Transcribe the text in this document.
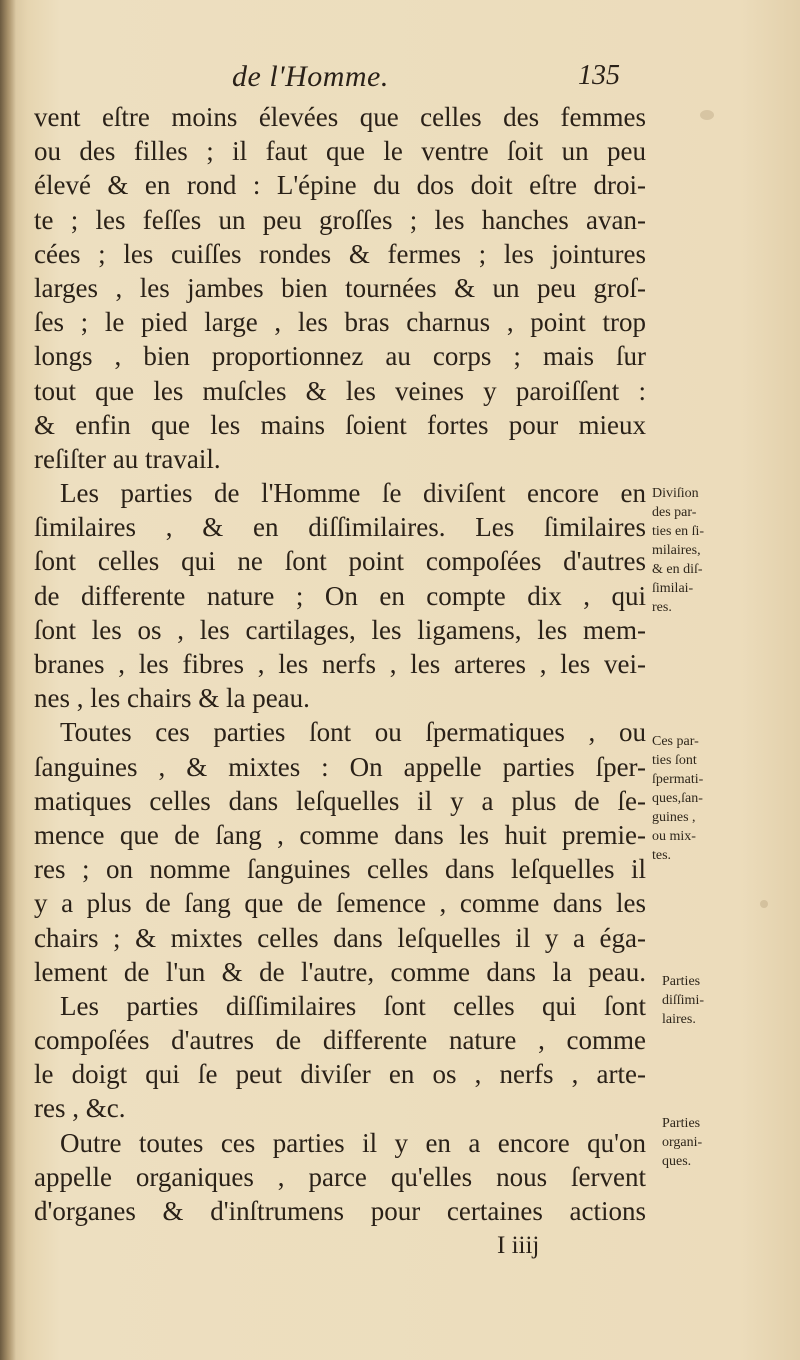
de l'Homme.	135
vent eſtre moins élevées que celles des femmes
ou des filles ; il faut que le ventre ſoit un peu
élevé & en rond : L'épine du dos doit eſtre droi-
te ; les feſſes un peu groſſes ; les hanches avan-
cées ; les cuiſſes rondes & fermes ; les jointures
larges , les jambes bien tournées & un peu groſ-
ſes ; le pied large , les bras charnus , point trop
longs , bien proportionnez au corps ; mais ſur
tout que les muſcles & les veines y paroiſſent :
& enfin que les mains ſoient fortes pour mieux
reſiſter au travail.
Les parties de l'Homme ſe diviſent encore en
ſimilaires , & en diſſimilaires. Les ſimilaires
ſont celles qui ne ſont point compoſées d'autres
de differente nature ; On en compte dix , qui
ſont les os , les cartilages, les ligamens, les mem-
branes , les fibres , les nerfs , les arteres , les vei-
nes , les chairs & la peau.
Toutes ces parties ſont ou ſpermatiques , ou
ſanguines , & mixtes : On appelle parties ſper-
matiques celles dans leſquelles il y a plus de ſe-
mence que de ſang , comme dans les huit premie-
res ; on nomme ſanguines celles dans leſquelles il
y a plus de ſang que de ſemence , comme dans les
chairs ; & mixtes celles dans leſquelles il y a éga-
lement de l'un & de l'autre, comme dans la peau.
Les parties diſſimilaires ſont celles qui ſont
compoſées d'autres de differente nature , comme
le doigt qui ſe peut diviſer en os , nerfs , arte-
res , &c.
Outre toutes ces parties il y en a encore qu'on
appelle organiques , parce qu'elles nous ſervent
d'organes & d'inſtrumens pour certaines actions
Diviſion
des par-
ties en ſi-
milaires,
& en diſ-
ſimilai-
res.
Ces par-
ties ſont
ſpermati-
ques,ſan-
guines ,
ou mix-
tes.
Parties
diſſimi-
laires.
Parties
organi-
ques.
I iiij
